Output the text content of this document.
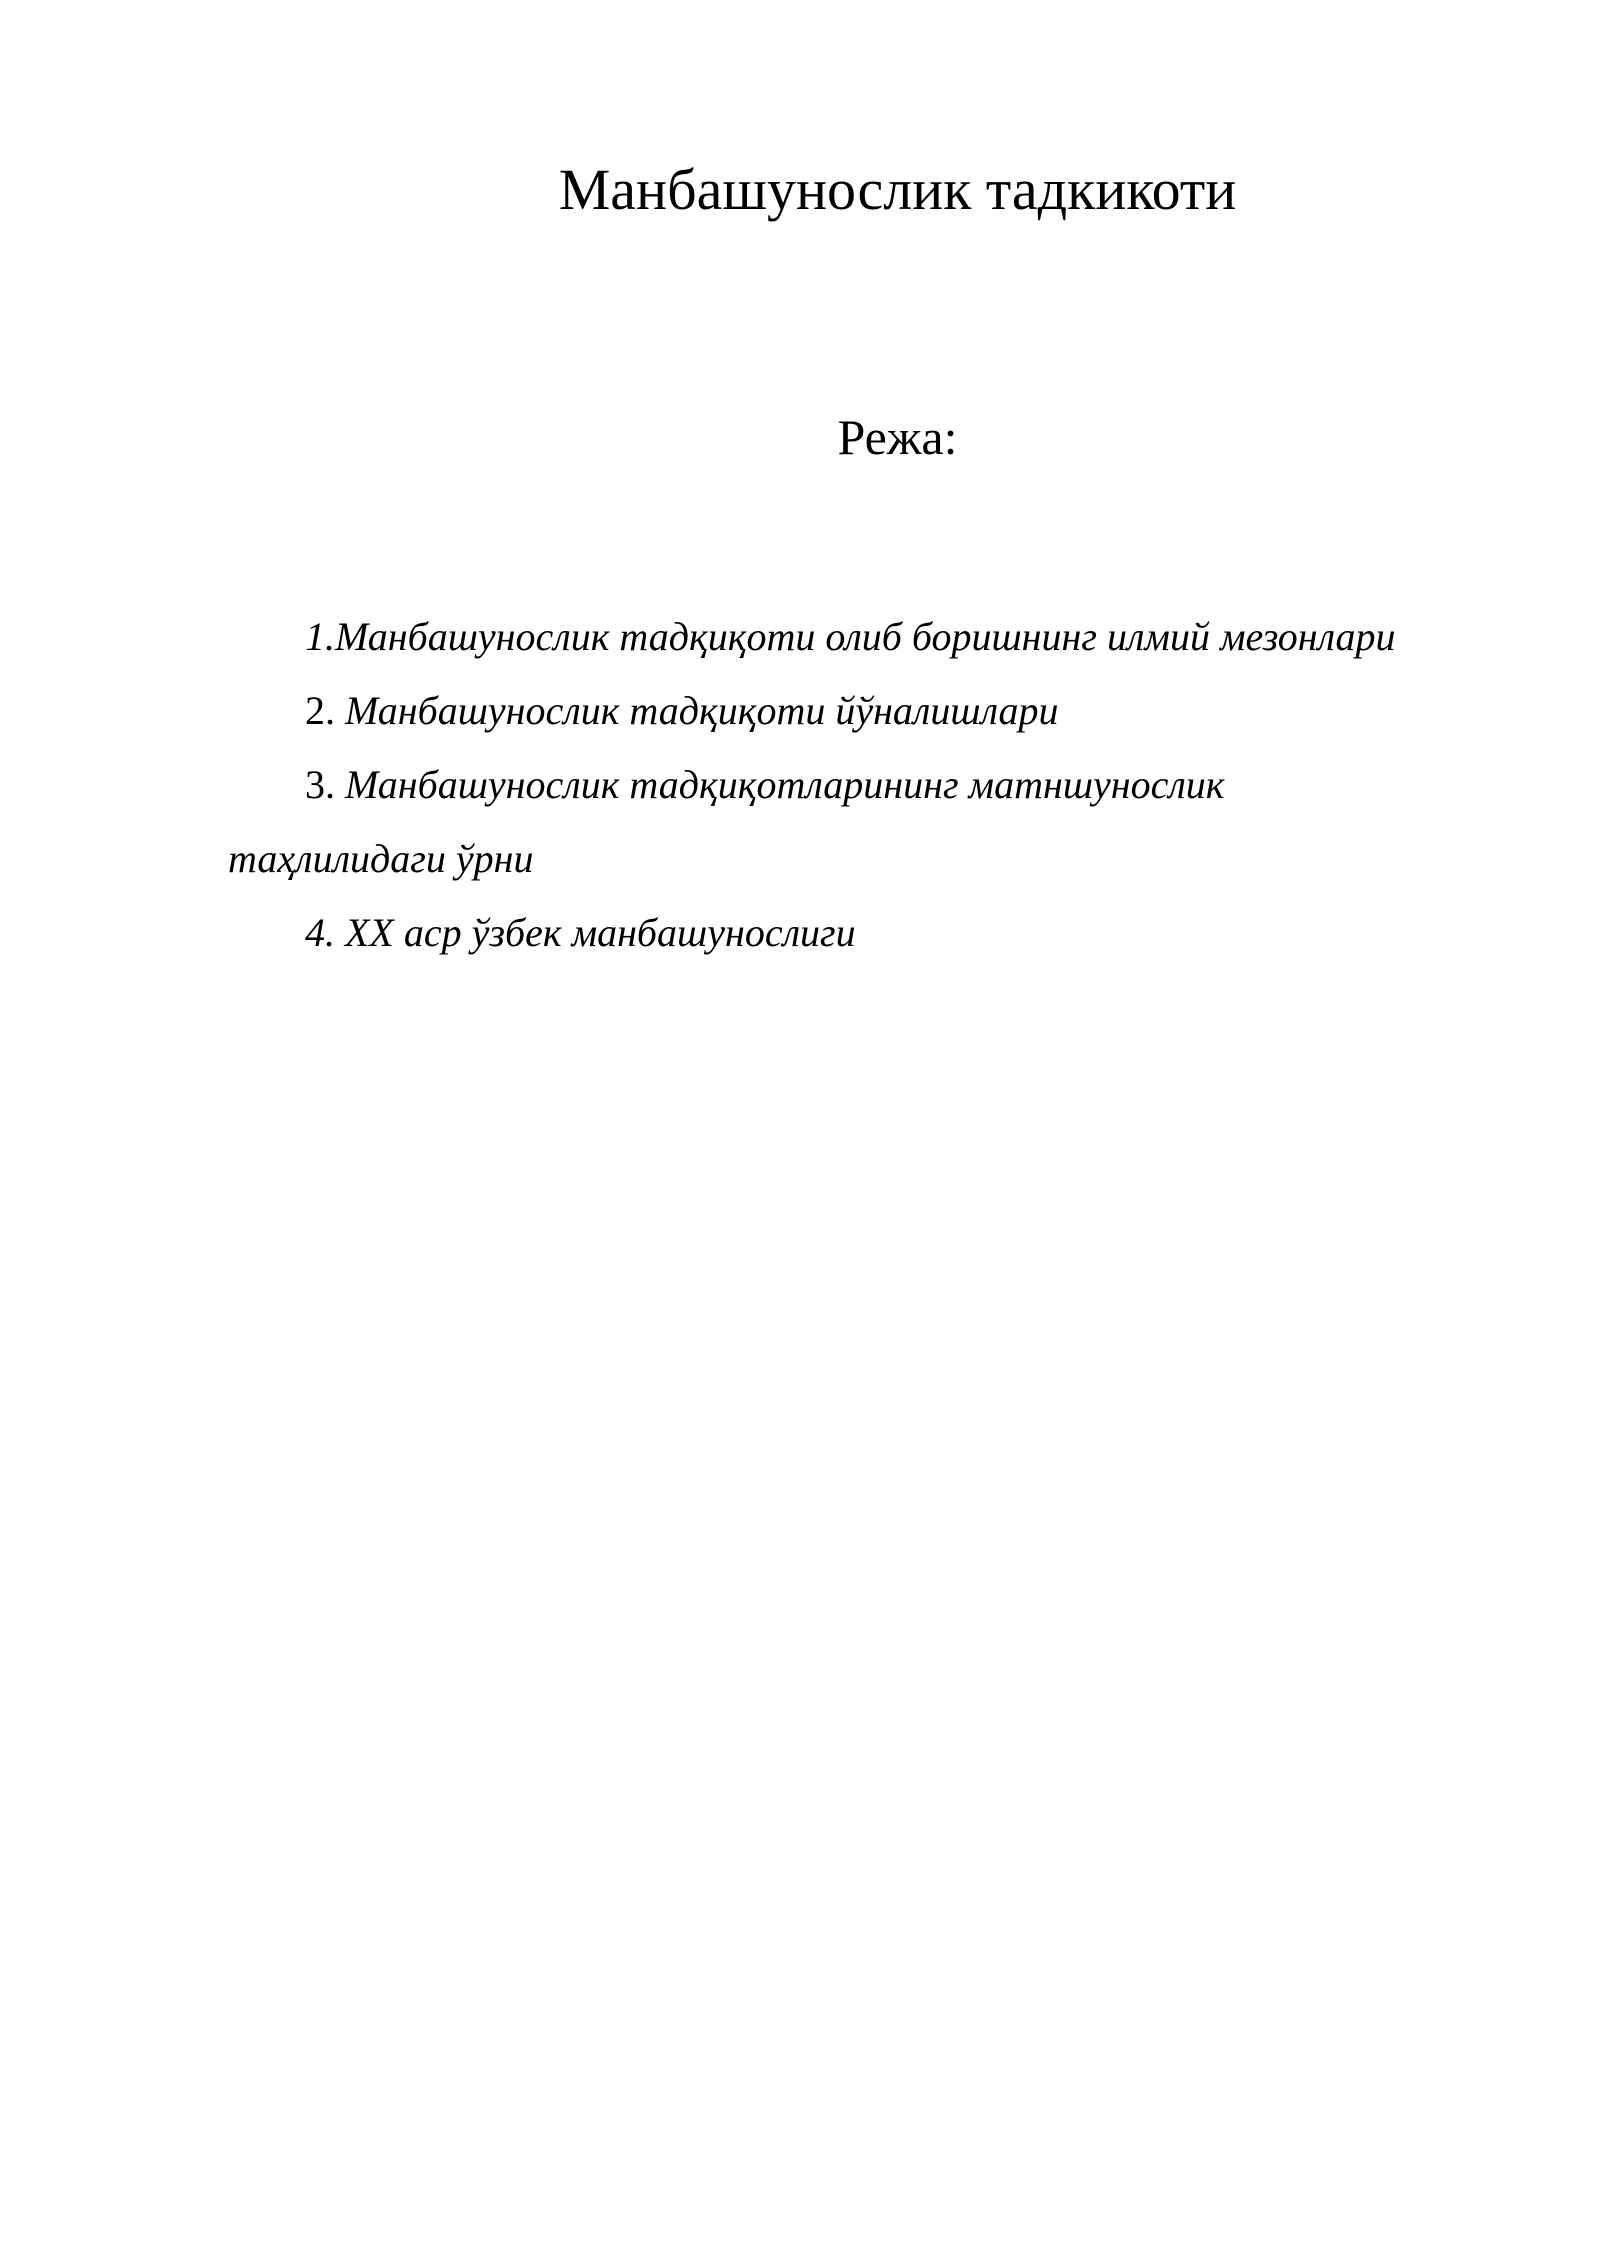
Манбашунослик тадкикоти
Режа:
1.Манбашунослик тадқиқоти олиб боришнинг илмий мезонлари
2. Манбашунослик тадқиқоти йўналишлари
3. Манбашунослик тадқиқотларининг матншунослик таҳлилидаги ўрни
4. XX аср ўзбек манбашунослиги
